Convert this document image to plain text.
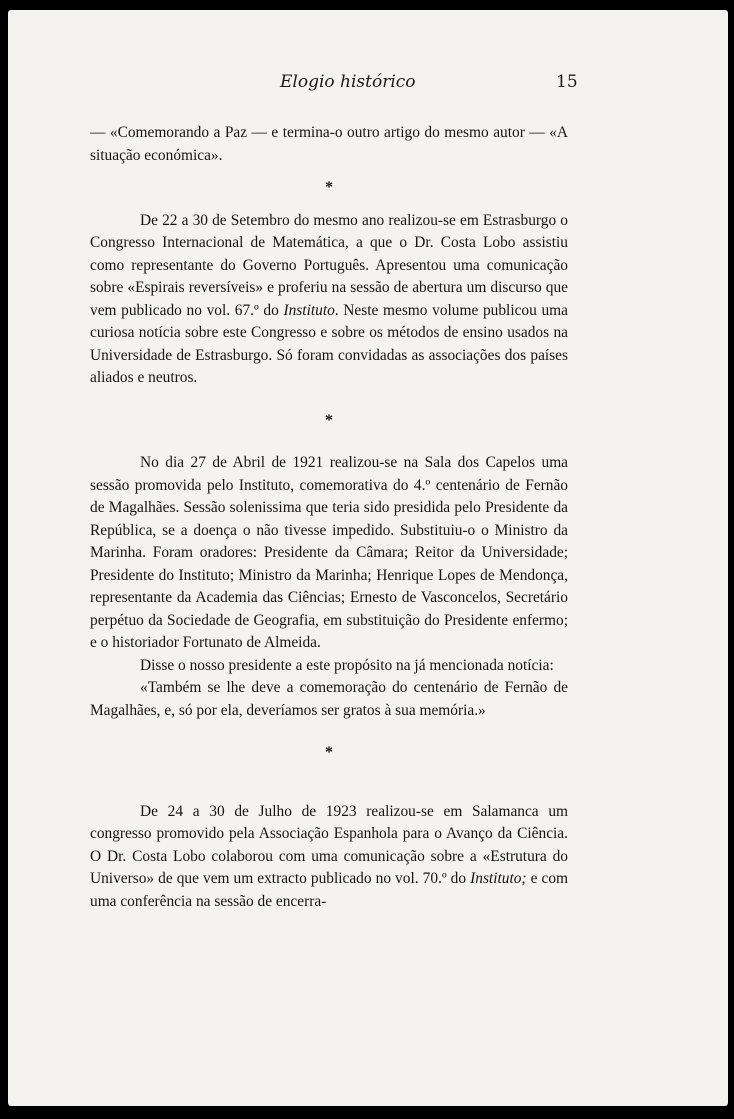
Elogio histórico	15

— «Comemorando a Paz — e termina-o outro artigo do mesmo autor — «A situação económica».

*

De 22 a 30 de Setembro do mesmo ano realizou-se em Estrasburgo o Congresso Internacional de Matemática, a que o Dr. Costa Lobo assistiu como representante do Governo Português. Apresentou uma comunicação sobre «Espirais reversíveis» e proferiu na sessão de abertura um discurso que vem publicado no vol. 67.º do Instituto. Neste mesmo volume publicou uma curiosa notícia sobre este Congresso e sobre os métodos de ensino usados na Universidade de Estrasburgo. Só foram convidadas as associações dos países aliados e neutros.

*

No dia 27 de Abril de 1921 realizou-se na Sala dos Capelos uma sessão promovida pelo Instituto, comemorativa do 4.º centenário de Fernão de Magalhães. Sessão solenissima que teria sido presidida pelo Presidente da República, se a doença o não tivesse impedido. Substituiu-o o Ministro da Marinha. Foram oradores: Presidente da Câmara; Reitor da Universidade; Presidente do Instituto; Ministro da Marinha; Henrique Lopes de Mendonça, representante da Academia das Ciências; Ernesto de Vasconcelos, Secretário perpétuo da Sociedade de Geografia, em substituição do Presidente enfermo; e o historiador Fortunato de Almeida.

Disse o nosso presidente a este propósito na já mencionada notícia:

«Também se lhe deve a comemoração do centenário de Fernão de Magalhães, e, só por ela, deveríamos ser gratos à sua memória.»

*

De 24 a 30 de Julho de 1923 realizou-se em Salamanca um congresso promovido pela Associação Espanhola para o Avanço da Ciência. O Dr. Costa Lobo colaborou com uma comunicação sobre a «Estrutura do Universo» de que vem um extracto publicado no vol. 70.º do Instituto; e com uma conferência na sessão de encerra-
